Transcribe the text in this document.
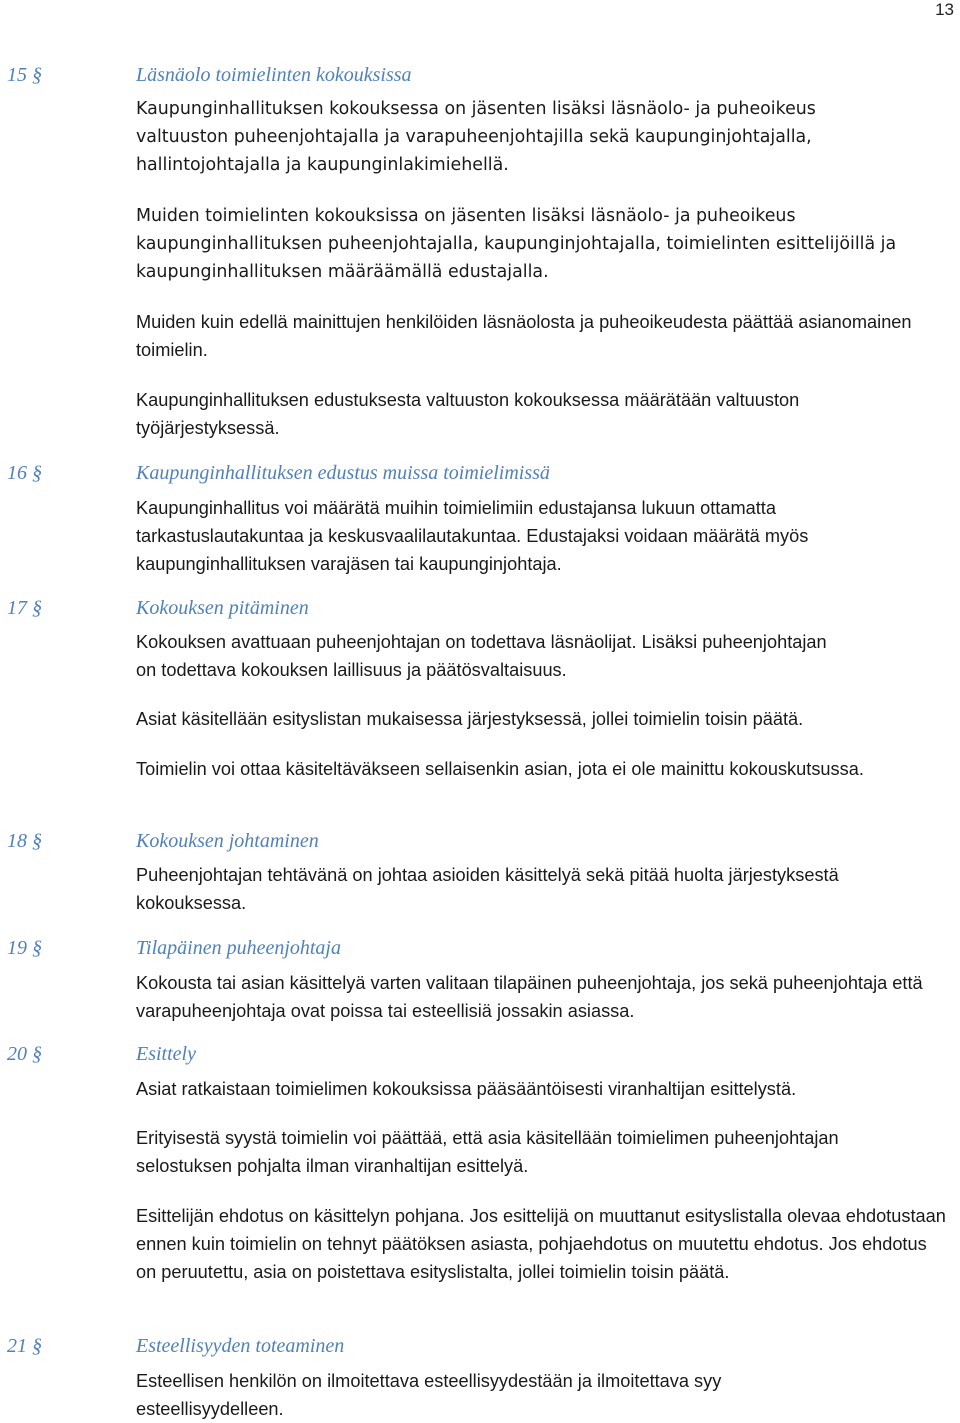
13
15 §	Läsnäolo toimielinten kokouksissa

Kaupunginhallituksen kokouksessa on jäsenten lisäksi läsnäolo- ja puheoikeus valtuuston puheenjohtajalla ja varapuheenjohtajilla sekä kaupunginjohtajalla, hallintojohtajalla ja kaupunginlakimiehellä.

Muiden toimielinten kokouksissa on jäsenten lisäksi läsnäolo- ja puheoikeus kaupunginhallituksen puheenjohtajalla, kaupunginjohtajalla, toimielinten esittelijöillä ja kaupunginhallituksen määräämällä edustajalla.

Muiden kuin edellä mainittujen henkilöiden läsnäolosta ja puheoikeudesta päättää asianomainen toimielin.

Kaupunginhallituksen edustuksesta valtuuston kokouksessa määrätään valtuuston työjärjestyksessä.

16 §	Kaupunginhallituksen edustus muissa toimielimissä

Kaupunginhallitus voi määrätä muihin toimielimiin edustajansa lukuun ottamatta tarkastuslautakuntaa ja keskusvaalilautakuntaa. Edustajaksi voidaan määrätä myös kaupunginhallituksen varajäsen tai kaupunginjohtaja.

17 §	Kokouksen pitäminen

Kokouksen avattuaan puheenjohtajan on todettava läsnäolijat. Lisäksi puheenjohtajan on todettava kokouksen laillisuus ja päätösvaltaisuus.

Asiat käsitellään esityslistan mukaisessa järjestyksessä, jollei toimielin toisin päätä.

Toimielin voi ottaa käsiteltäväkseen sellaisenkin asian, jota ei ole mainittu kokouskutsussa.

18 §	Kokouksen johtaminen

Puheenjohtajan tehtävänä on johtaa asioiden käsittelyä sekä pitää huolta järjestyksestä kokouksessa.

19 §	Tilapäinen puheenjohtaja

Kokousta tai asian käsittelyä varten valitaan tilapäinen puheenjohtaja, jos sekä puheenjohtaja että varapuheenjohtaja ovat poissa tai esteellisiä jossakin asiassa.

20 §	Esittely

Asiat ratkaistaan toimielimen kokouksissa pääsääntöisesti viranhaltijan esittelystä.

Erityisestä syystä toimielin voi päättää, että asia käsitellään toimielimen puheenjohtajan selostuksen pohjalta ilman viranhaltijan esittelyä.

Esittelijän ehdotus on käsittelyn pohjana. Jos esittelijä on muuttanut esityslistalla olevaa ehdotustaan ennen kuin toimielin on tehnyt päätöksen asiasta, pohjaehdotus on muutettu ehdotus. Jos ehdotus on peruutettu, asia on poistettava esityslistalta, jollei toimielin toisin päätä.

21 §	Esteellisyyden toteaminen

Esteellisen henkilön on ilmoitettava esteellisyydestään ja ilmoitettava syy esteellisyydelleen.
